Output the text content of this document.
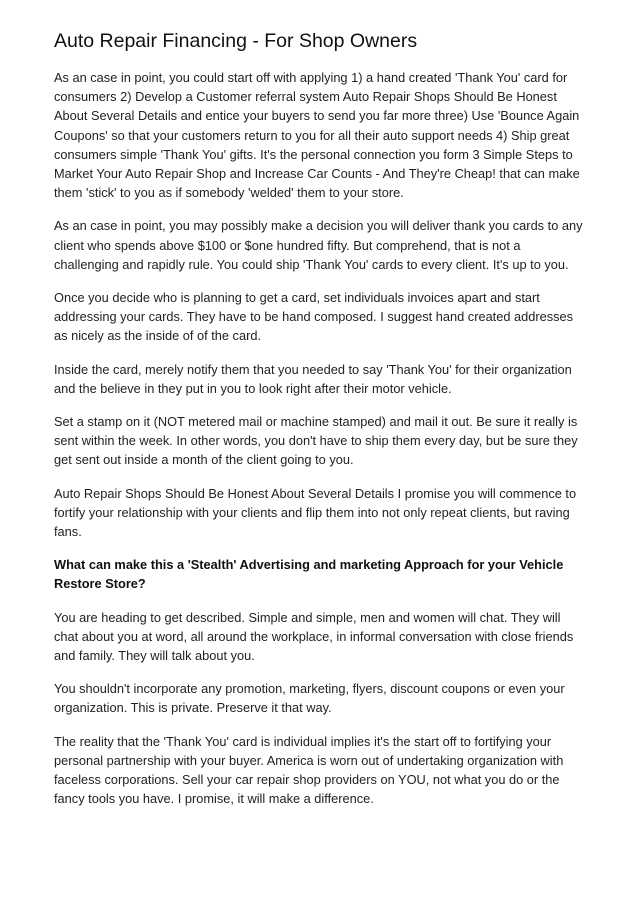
Auto Repair Financing - For Shop Owners

As an case in point, you could start off with applying 1) a hand created 'Thank You' card for consumers 2) Develop a Customer referral system Auto Repair Shops Should Be Honest About Several Details and entice your buyers to send you far more three) Use 'Bounce Again Coupons' so that your customers return to you for all their auto support needs 4) Ship great consumers simple 'Thank You' gifts. It's the personal connection you form 3 Simple Steps to Market Your Auto Repair Shop and Increase Car Counts - And They're Cheap! that can make them 'stick' to you as if somebody 'welded' them to your store.

As an case in point, you may possibly make a decision you will deliver thank you cards to any client who spends above $100 or $one hundred fifty. But comprehend, that is not a challenging and rapidly rule. You could ship 'Thank You' cards to every client. It's up to you.

Once you decide who is planning to get a card, set individuals invoices apart and start addressing your cards. They have to be hand composed. I suggest hand created addresses as nicely as the inside of of the card.

Inside the card, merely notify them that you needed to say 'Thank You' for their organization and the believe in they put in you to look right after their motor vehicle.

Set a stamp on it (NOT metered mail or machine stamped) and mail it out. Be sure it really is sent within the week. In other words, you don't have to ship them every day, but be sure they get sent out inside a month of the client going to you.

Auto Repair Shops Should Be Honest About Several Details I promise you will commence to fortify your relationship with your clients and flip them into not only repeat clients, but raving fans.

What can make this a 'Stealth' Advertising and marketing Approach for your Vehicle Restore Store?

You are heading to get described. Simple and simple, men and women will chat. They will chat about you at word, all around the workplace, in informal conversation with close friends and family. They will talk about you.

You shouldn't incorporate any promotion, marketing, flyers, discount coupons or even your organization. This is private. Preserve it that way.

The reality that the 'Thank You' card is individual implies it's the start off to fortifying your personal partnership with your buyer. America is worn out of undertaking organization with faceless corporations. Sell your car repair shop providers on YOU, not what you do or the fancy tools you have. I promise, it will make a difference.
